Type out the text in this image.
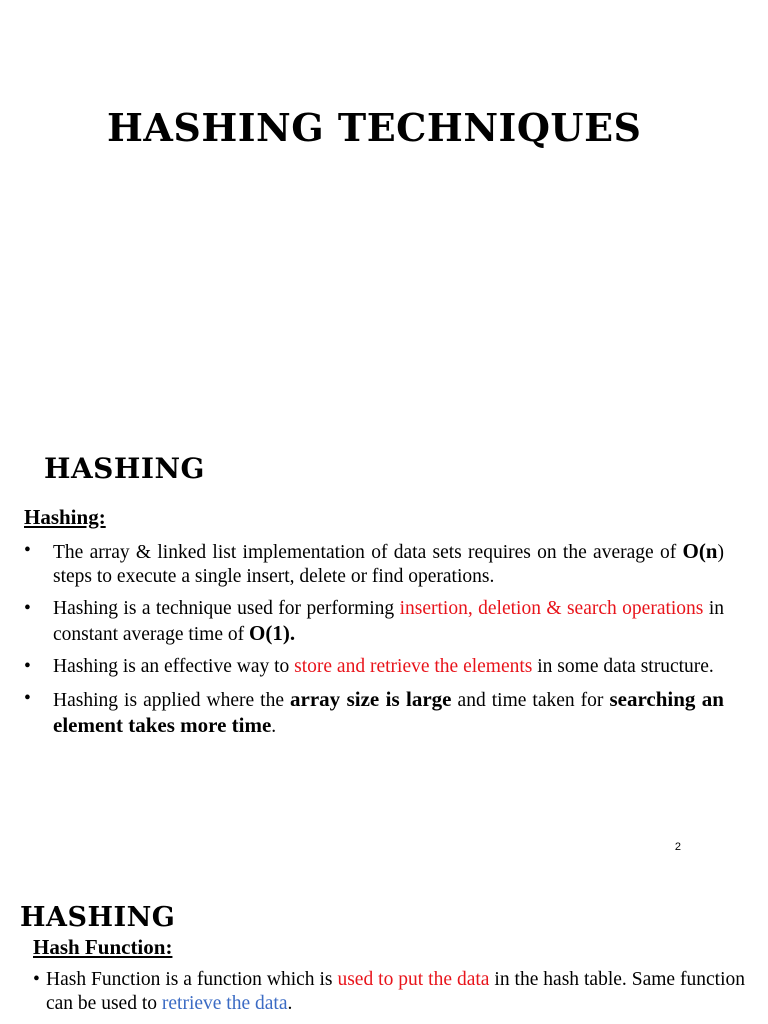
HASHING TECHNIQUES
HASHING
Hashing:
• The array & linked list implementation of data sets requires on the average of O(n) steps to execute a single insert, delete or find operations.
• Hashing is a technique used for performing insertion, deletion & search operations in constant average time of O(1).
• Hashing is an effective way to store and retrieve the elements in some data structure.
• Hashing is applied where the array size is large and time taken for searching an element takes more time.
2
HASHING
Hash Function:
• Hash Function is a function which is used to put the data in the hash table. Same function can be used to retrieve the data.
